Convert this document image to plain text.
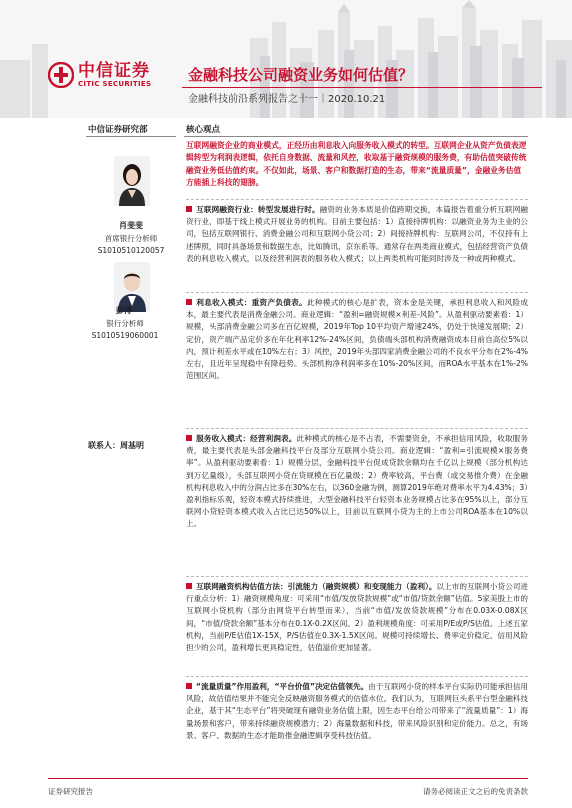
中信证券
CITIC SECURITIES 金融科技公司融资业务如何估值？
金融科技前沿系列报告之十一｜2020.10.21
中信证券研究部	核心观点
肖斐斐
首席银行分析师
S1010510120057
彭博
银行分析师
S1010519060001
联系人：周基明
互联网融资企业的商业模式，正经历由利息收入向服务收入模式的转型。互联网企业从资产负债表逻辑转型为利润表逻辑，依托自身数据、流量和风控，收取基于融资规模的服务费，有助估值突破传统融资业务低估值约束。不仅如此，场景、客户和数据打造的生态，带来“流量质量”，金融业务估值方能插上科技的翅膀。
互联网融资行业：转型发展进行时。融资的业务本质是价值跨期交换，本篇报告着重分析互联网融资行业，即基于线上模式开展业务的机构。目前主要包括：1）直接持牌机构：以融资业务为主业的公司，包括互联网银行、消费金融公司和互联网小贷公司；2）间接持牌机构：互联网公司，不仅持有上述牌照，同时具备场景和数据生态，比如腾讯、京东系等。通常存在两类商业模式，包括经营资产负债表的利息收入模式，以及经营利润表的服务收入模式；以上两类机构可能同时涉及一种或两种模式。
利息收入模式：重资产负债表。此种模式的核心是扩表，资本金是关键，承担利息收入和风险成本，最主要代表是消费金融公司。商业逻辑：“盈利=融资规模×利差-风险”。从盈利驱动要素看：1）规模，头部消费金融公司多在百亿规模，2019年Top 10平均资产增速24%，仍处于快速发展期；2）定价，资产端产品定价多在年化利率12%-24%区间，负债端头部机构消费融资成本目前自高位5%以内，预计利差水平或在10%左右；3）风控，2019年头部四家消费金融公司的不良水平分布在2%-4%左右，且近年呈现稳中有降趋势。头部机构净利润率多在10%-20%区间，而ROA水平基本在1%-2%范围区间。
服务收入模式：经营利润表。此种模式的核心是不占表，不需要资金，不承担信用风险，收取服务费，最主要代表是头部金融科技平台及部分互联网小贷公司。商业逻辑：“盈利=引流规模×服务费率”。从盈利驱动要素看：1）规模分层，金融科技平台促成贷款余额均在千亿以上规模（部分机构达到万亿量级），头部互联网小贷在贷规模在百亿量级；2）费率较高，平台费（或交易推介费）在金融机构利息收入中的分润占比多在30%左右，以360金融为例，测算2019年绝对费率水平为4.43%；3）盈利指标乐观，轻资本模式持续推进，大型金融科技平台轻资本业务规模占比多在95%以上，部分互联网小贷轻资本模式收入占比已达50%以上，目前以互联网小贷为主的上市公司ROA基本在10%以上。
互联网融资机构估值方法：引流能力（融资规模）和变现能力（盈利）。以上市的互联网小贷公司进行重点分析：1）融资规模角度：可采用“市值/发放贷款规模”或“市值/贷款余额”估值。5家美股上市的互联网小贷机构（部分由网贷平台转型而来），当前“市值/发放贷款规模”分布在0.03X-0.08X区间，“市值/贷款余额”基本分布在0.1X-0.2X区间。2）盈利规模角度：可采用P/E或P/S估值。上述五家机构，当前P/E估值1X-15X，P/S估值在0.3X-1.5X区间。规模可持续增长、费率定价稳定、信用风险担少的公司，盈利增长更具稳定性，估值溢价更加显著。
“流量质量”作用盈利，“平台价值”决定估值领先。由于互联网小贷的样本平台实际仍可能承担信用风险，故估值结果并不能完全反映融资服务模式的估值水位。我们认为，互联网巨头系平台型金融科技企业，基于其“生态平台”将突破现有融资业务估值上限，因生态平台给公司带来了“流量质量”：1）海量场景和客户，带来持续融资规模潜力；2）海量数据和科技，带来风险识别和定价能力。总之，有场景、客户、数据的生态才能助推金融逻辑享受科技估值。
证券研究报告	请务必阅读正文之后的免责条款
